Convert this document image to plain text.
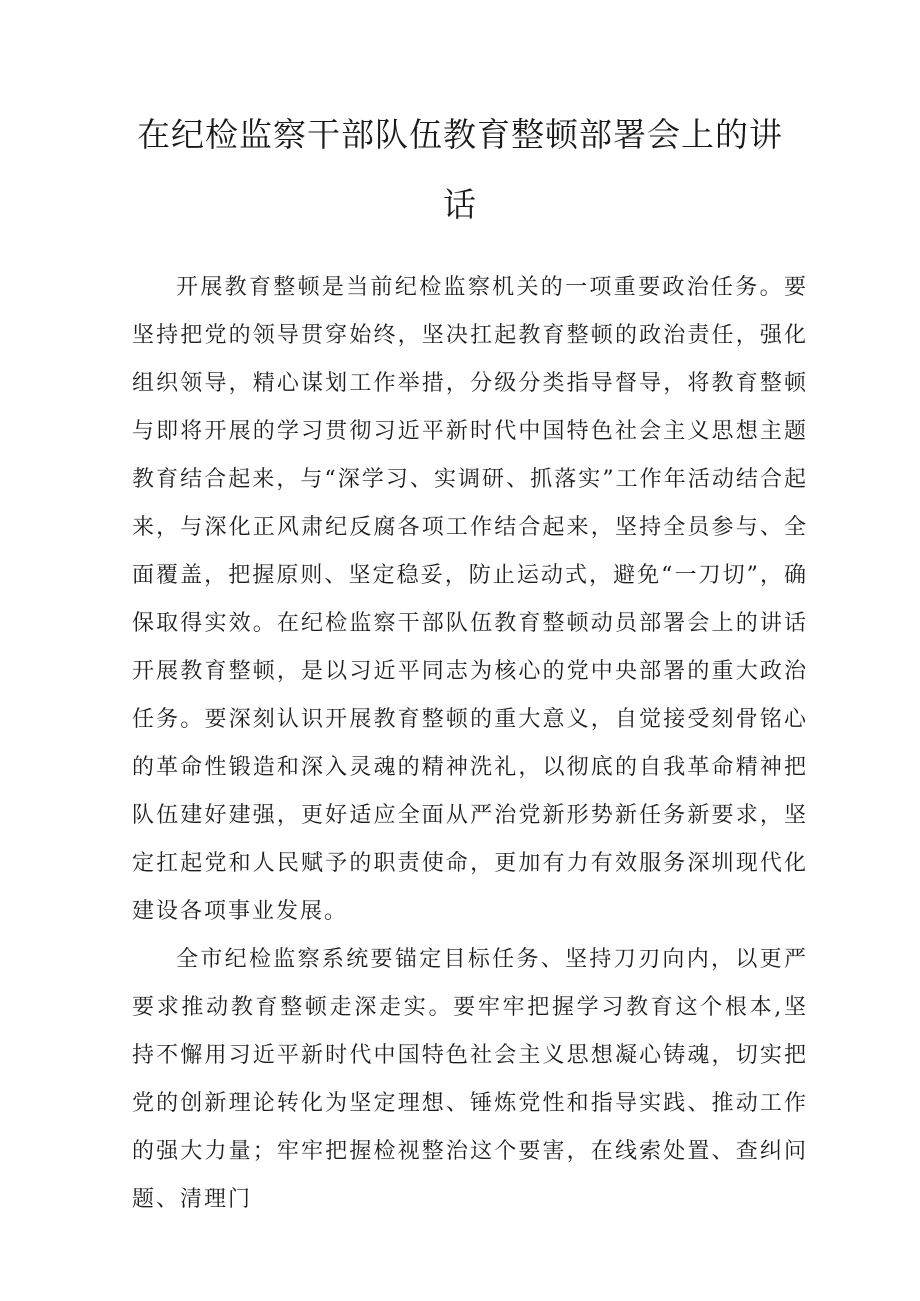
在纪检监察干部队伍教育整顿部署会上的讲话

开展教育整顿是当前纪检监察机关的一项重要政治任务。要坚持把党的领导贯穿始终，坚决扛起教育整顿的政治责任，强化组织领导，精心谋划工作举措，分级分类指导督导，将教育整顿与即将开展的学习贯彻习近平新时代中国特色社会主义思想主题教育结合起来，与“深学习、实调研、抓落实”工作年活动结合起来，与深化正风肃纪反腐各项工作结合起来，坚持全员参与、全面覆盖，把握原则、坚定稳妥，防止运动式，避免“一刀切”，确保取得实效。在纪检监察干部队伍教育整顿动员部署会上的讲话开展教育整顿，是以习近平同志为核心的党中央部署的重大政治任务。要深刻认识开展教育整顿的重大意义，自觉接受刻骨铭心的革命性锻造和深入灵魂的精神洗礼，以彻底的自我革命精神把队伍建好建强，更好适应全面从严治党新形势新任务新要求，坚定扛起党和人民赋予的职责使命，更加有力有效服务深圳现代化建设各项事业发展。

全市纪检监察系统要锚定目标任务、坚持刀刃向内，以更严要求推动教育整顿走深走实。要牢牢把握学习教育这个根本,坚持不懈用习近平新时代中国特色社会主义思想凝心铸魂，切实把党的创新理论转化为坚定理想、锤炼党性和指导实践、推动工作的强大力量；牢牢把握检视整治这个要害，在线索处置、查纠问题、清理门
